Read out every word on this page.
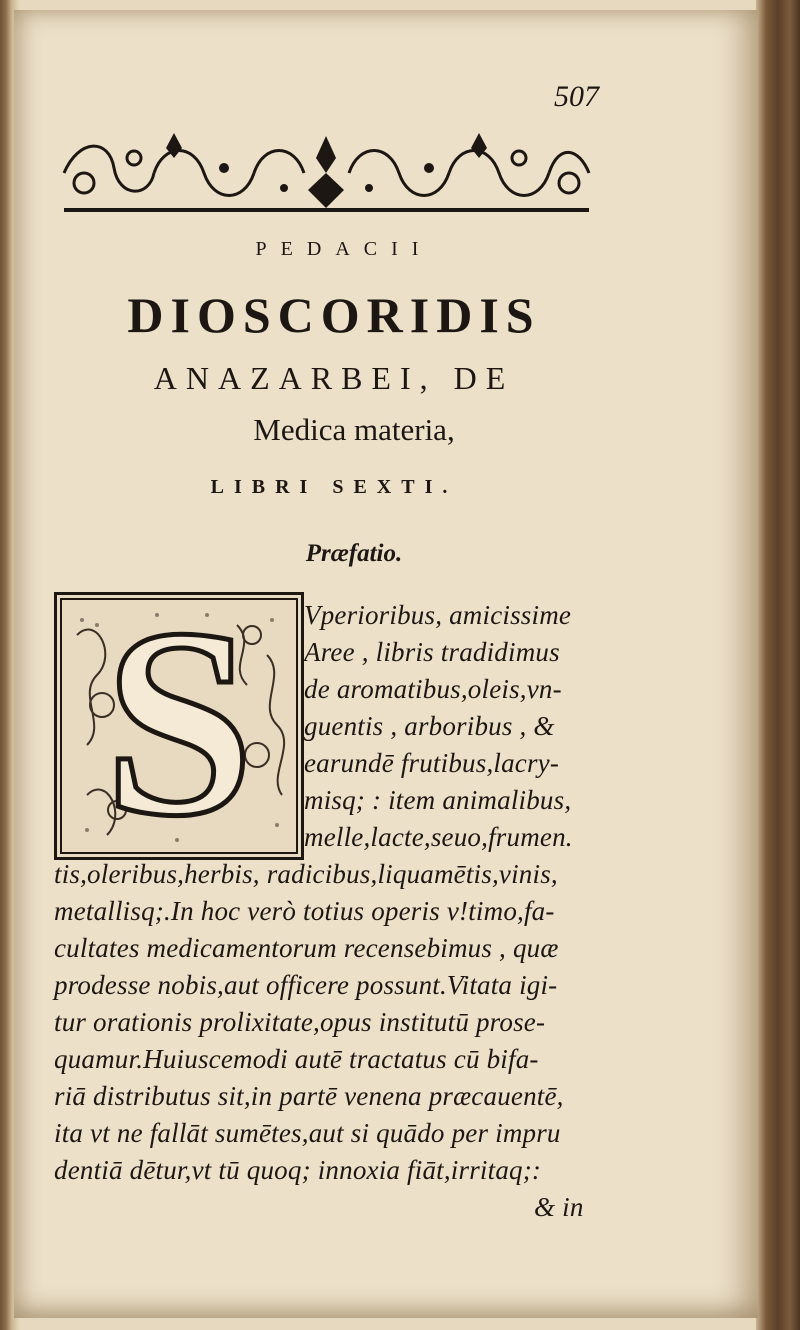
507
PEDACII
DIOSCORIDIS
ANAZARBEI, DE
Medica materia,
LIBRI SEXTI.
Præfatio.
S	Vperioribus, amicissime
Aree , libris tradidimus
de aromatibus,oleis,vn-
guentis , arboribus , &
earundē frutibus,lacry-
misq; : item animalibus,
melle,lacte,seuo,frumen.
tis,oleribus,herbis, radicibus,liquamētis,vinis,
metallisq;.In hoc verò totius operis v!timo,fa-
cultates medicamentorum recensebimus , quæ
prodesse nobis,aut officere possunt.Vitata igi-
tur orationis prolixitate,opus institutū prose-
quamur.Huiuscemodi autē tractatus cū bifa-
riā distributus sit,in partē venena præcauentē,
ita vt ne fallāt sumētes,aut si quādo per impru
dentiā dētur,vt tū quoq; innoxia fiāt,irritaq;:
& in
